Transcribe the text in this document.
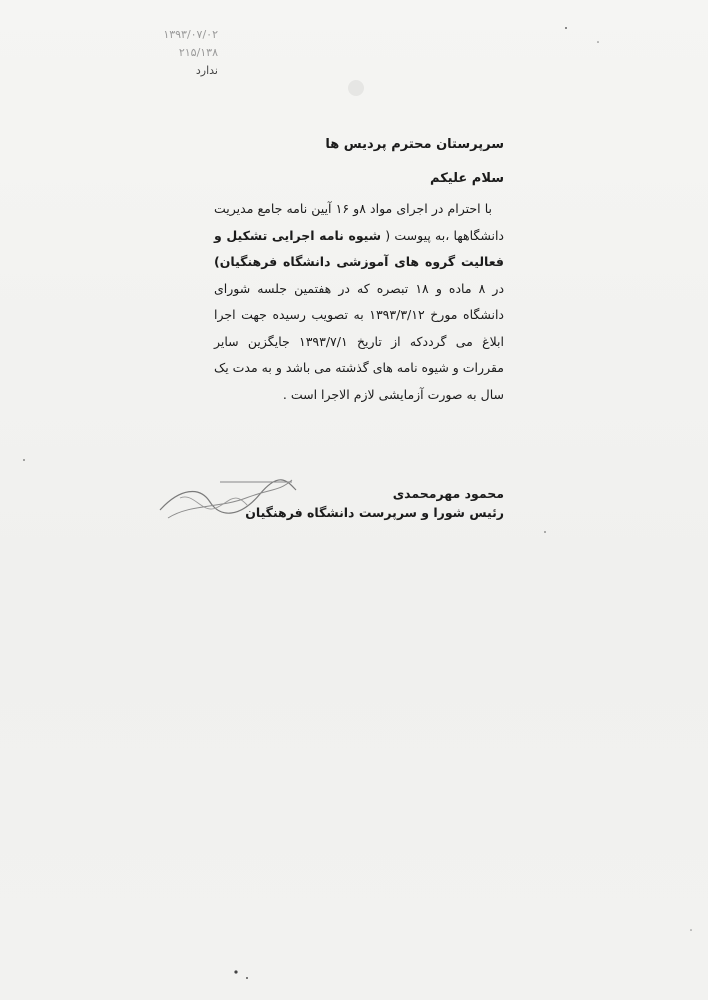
۱۳۹۳/۰۷/۰۲
۲۱۵/۱۳۸
ندارد
سرپرستان محترم پردیس ها
سلام علیکم

با احترام در اجرای مواد ۸و ۱۶ آیین نامه جامع مدیریت دانشگاهها ،به پیوست ( شیوه نامه اجرایی تشکیل و فعالیت گروه های آموزشی دانشگاه فرهنگیان) در ۸ ماده و ۱۸ تبصره که در هفتمین جلسه شورای دانشگاه مورخ ۱۳۹۳/۳/۱۲ به تصویب رسیده جهت اجرا ابلاغ می گرددکه از تاریخ ۱۳۹۳/۷/۱ جایگزین سایر مقررات و شیوه نامه های گذشته می باشد و به مدت یک سال به صورت آزمایشی لازم الاجرا است .

محمود مهرمحمدی
رئیس شورا و سرپرست دانشگاه فرهنگیان
